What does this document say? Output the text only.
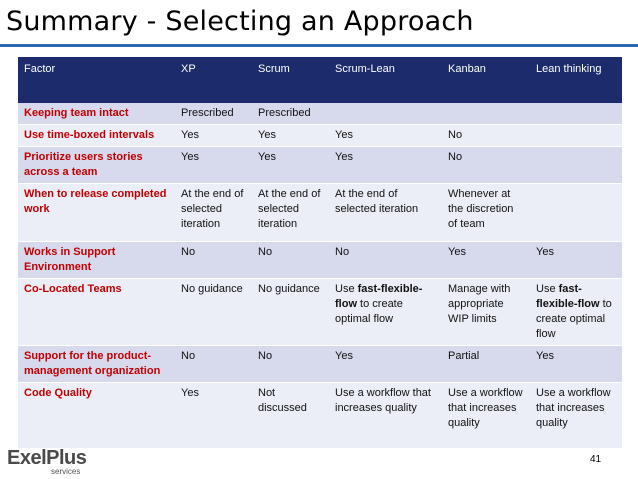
Summary - Selecting an Approach
Factor	XP	Scrum	Scrum-Lean	Kanban	Lean thinking
Keeping team intact	Prescribed	Prescribed			
Use time-boxed intervals	Yes	Yes	Yes	No	
Prioritize users stories across a team	Yes	Yes	Yes	No	
When to release completed work	At the end of selected iteration	At the end of selected iteration	At the end of selected iteration	Whenever at the discretion of team	
Works in Support Environment	No	No	No	Yes	Yes
Co-Located Teams	No guidance	No guidance	Use fast-flexible-flow to create optimal flow	Manage with appropriate WIP limits	Use fast-flexible-flow to create optimal flow
Support for the product-management organization	No	No	Yes	Partial	Yes
Code Quality	Yes	Not discussed	Use a workflow that increases quality	Use a workflow that increases quality	Use a workflow that increases quality
ExelPlus
services
41
